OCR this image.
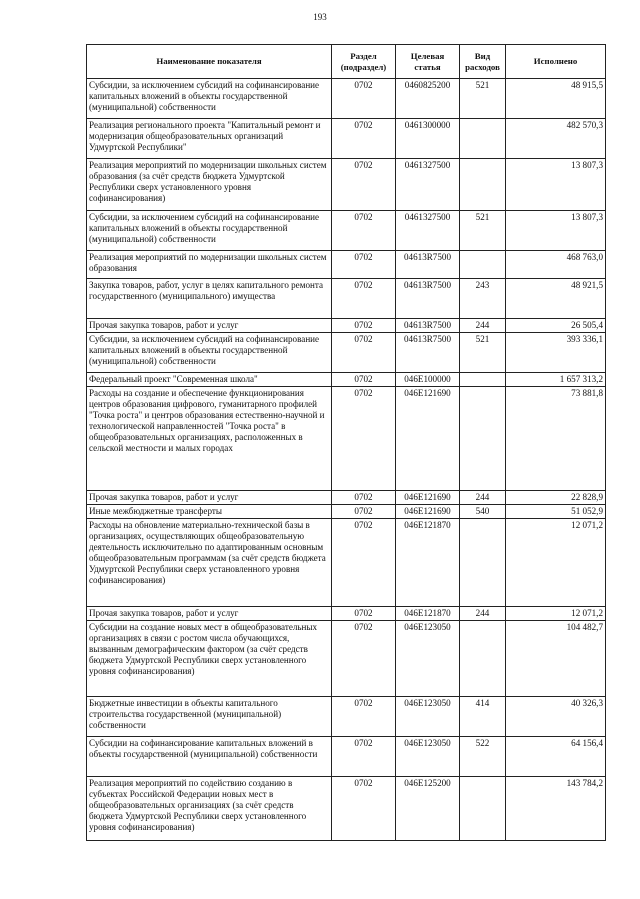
193
Наименование показателя	Раздел (подраздел)	Целевая статья	Вид расходов	Исполнено
Субсидии, за исключением субсидий на софинансирование капитальных вложений в объекты государственной (муниципальной) собственности	0702	0460825200	521	48 915,5
Реализация регионального проекта "Капитальный ремонт и модернизация общеобразовательных организаций Удмуртской Республики"	0702	0461300000		482 570,3
Реализация мероприятий по модернизации школьных систем образования (за счёт средств бюджета Удмуртской Республики сверх установленного уровня софинансирования)	0702	0461327500		13 807,3
Субсидии, за исключением субсидий на софинансирование капитальных вложений в объекты государственной (муниципальной) собственности	0702	0461327500	521	13 807,3
Реализация мероприятий по модернизации школьных систем образования	0702	04613R7500		468 763,0
Закупка товаров, работ, услуг в целях капитального ремонта государственного (муниципального) имущества	0702	04613R7500	243	48 921,5
Прочая закупка товаров, работ и услуг	0702	04613R7500	244	26 505,4
Субсидии, за исключением субсидий на софинансирование капитальных вложений в объекты государственной (муниципальной) собственности	0702	04613R7500	521	393 336,1
Федеральный проект "Современная школа"	0702	046E100000		1 657 313,2
Расходы на создание и обеспечение функционирования центров образования цифрового, гуманитарного профилей "Точка роста" и центров образования естественно-научной и технологической направленностей "Точка роста" в общеобразовательных организациях, расположенных в сельской местности и малых городах	0702	046E121690		73 881,8
Прочая закупка товаров, работ и услуг	0702	046E121690	244	22 828,9
Иные межбюджетные трансферты	0702	046E121690	540	51 052,9
Расходы на обновление материально-технической базы в организациях, осуществляющих общеобразовательную деятельность исключительно по адаптированным основным общеобразовательным программам (за счёт средств бюджета Удмуртской Республики сверх установленного уровня софинансирования)	0702	046E121870		12 071,2
Прочая закупка товаров, работ и услуг	0702	046E121870	244	12 071,2
Субсидии на создание новых мест в общеобразовательных организациях в связи с ростом числа обучающихся, вызванным демографическим фактором (за счёт средств бюджета Удмуртской Республики сверх установленного уровня софинансирования)	0702	046E123050		104 482,7
Бюджетные инвестиции в объекты капитального строительства государственной (муниципальной) собственности	0702	046E123050	414	40 326,3
Субсидии на софинансирование капитальных вложений в объекты государственной (муниципальной) собственности	0702	046E123050	522	64 156,4
Реализация мероприятий по содействию созданию в субъектах Российской Федерации новых мест в общеобразовательных организациях (за счёт средств бюджета Удмуртской Республики сверх установленного уровня софинансирования)	0702	046E125200		143 784,2
